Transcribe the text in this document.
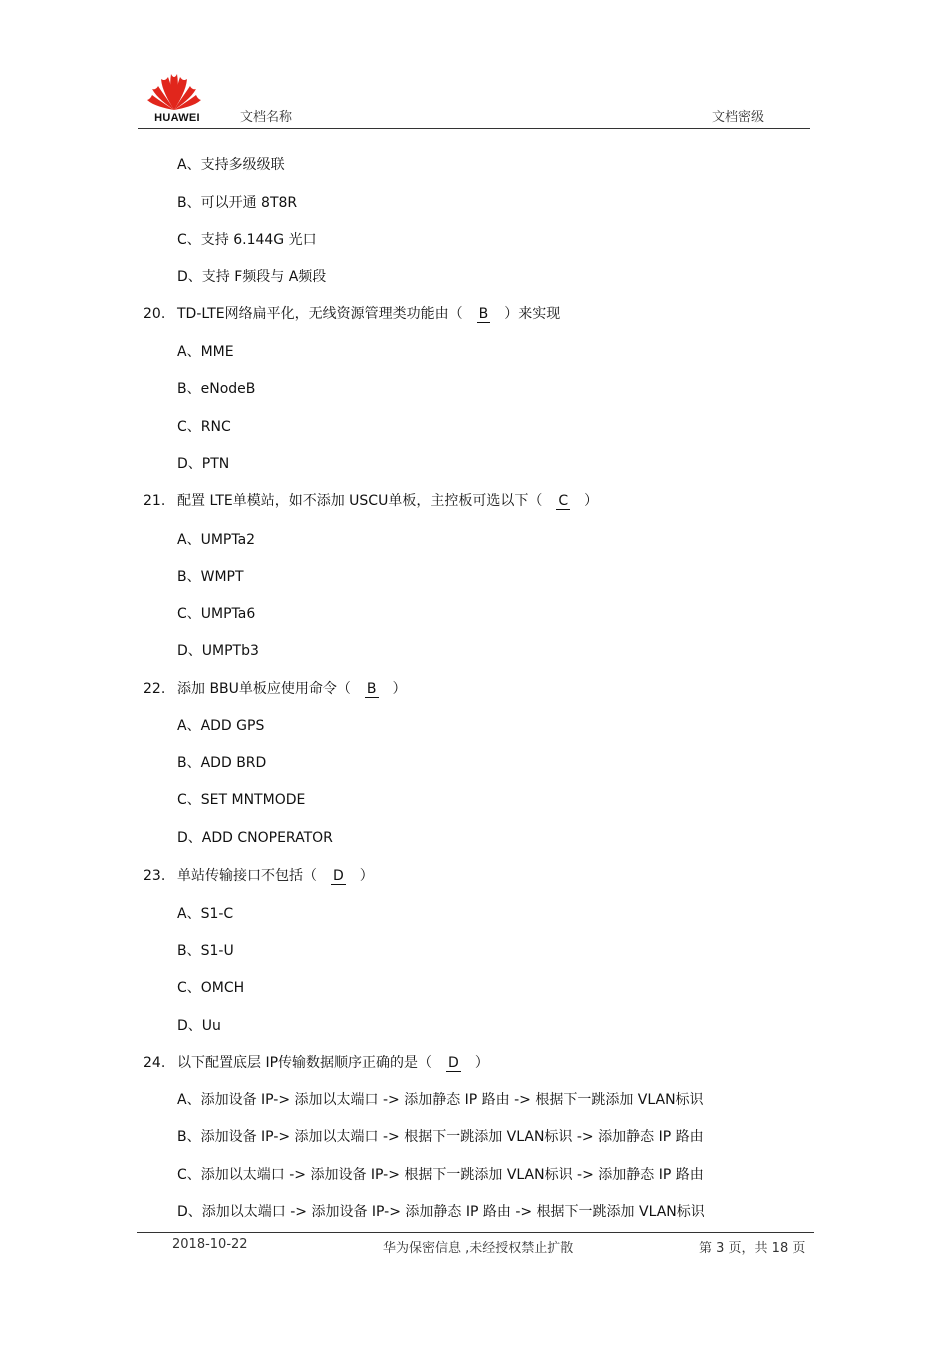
HUAWEI	文档名称	文档密级
A、支持多级级联
B、可以开通 8T8R
C、支持 6.144G 光口
D、支持 F频段与 A频段
20. TD-LTE网络扁平化，无线资源管理类功能由（ B ）来实现
A、MME
B、eNodeB
C、RNC
D、PTN
21. 配置 LTE单模站，如不添加 USCU单板，主控板可选以下（ C ）
A、UMPTa2
B、WMPT
C、UMPTa6
D、UMPTb3
22. 添加 BBU单板应使用命令（ B ）
A、ADD GPS
B、ADD BRD
C、SET MNTMODE
D、ADD CNOPERATOR
23. 单站传输接口不包括（ D ）
A、S1-C
B、S1-U
C、OMCH
D、Uu
24. 以下配置底层 IP传输数据顺序正确的是（ D ）
A、添加设备 IP-> 添加以太端口 -> 添加静态 IP 路由 -> 根据下一跳添加 VLAN标识
B、添加设备 IP-> 添加以太端口 -> 根据下一跳添加 VLAN标识 -> 添加静态 IP 路由
C、添加以太端口 -> 添加设备 IP-> 根据下一跳添加 VLAN标识 -> 添加静态 IP 路由
D、添加以太端口 -> 添加设备 IP-> 添加静态 IP 路由 -> 根据下一跳添加 VLAN标识
2018-10-22	华为保密信息 ,未经授权禁止扩散	第 3 页，共 18 页
